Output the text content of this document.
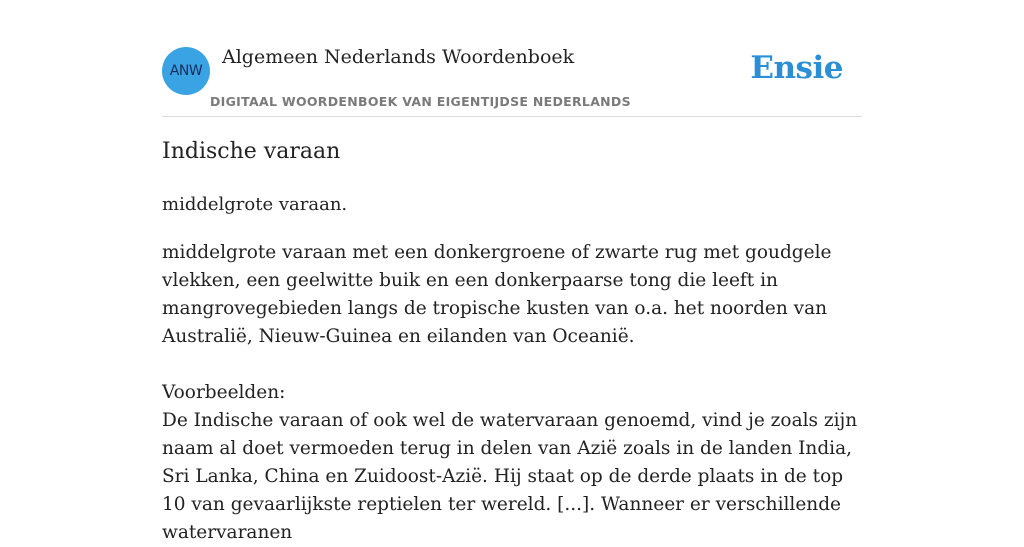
ANW
Algemeen Nederlands Woordenboek
DIGITAAL WOORDENBOEK VAN EIGENTIJDSE NEDERLANDS
Ensie
Indische varaan

middelgrote varaan.

middelgrote varaan met een donkergroene of zwarte rug met goudgele vlekken, een geelwitte buik en een donkerpaarse tong die leeft in mangrovegebieden langs de tropische kusten van o.a. het noorden van Australië, Nieuw-Guinea en eilanden van Oceanië.

Voorbeelden:

De Indische varaan of ook wel de watervaraan genoemd, vind je zoals zijn naam al doet vermoeden terug in delen van Azië zoals in de landen India, Sri Lanka, China en Zuidoost-Azië. Hij staat op de derde plaats in de top 10 van gevaarlijkste reptielen ter wereld. [...]. Wanneer er verschillende watervaranen
